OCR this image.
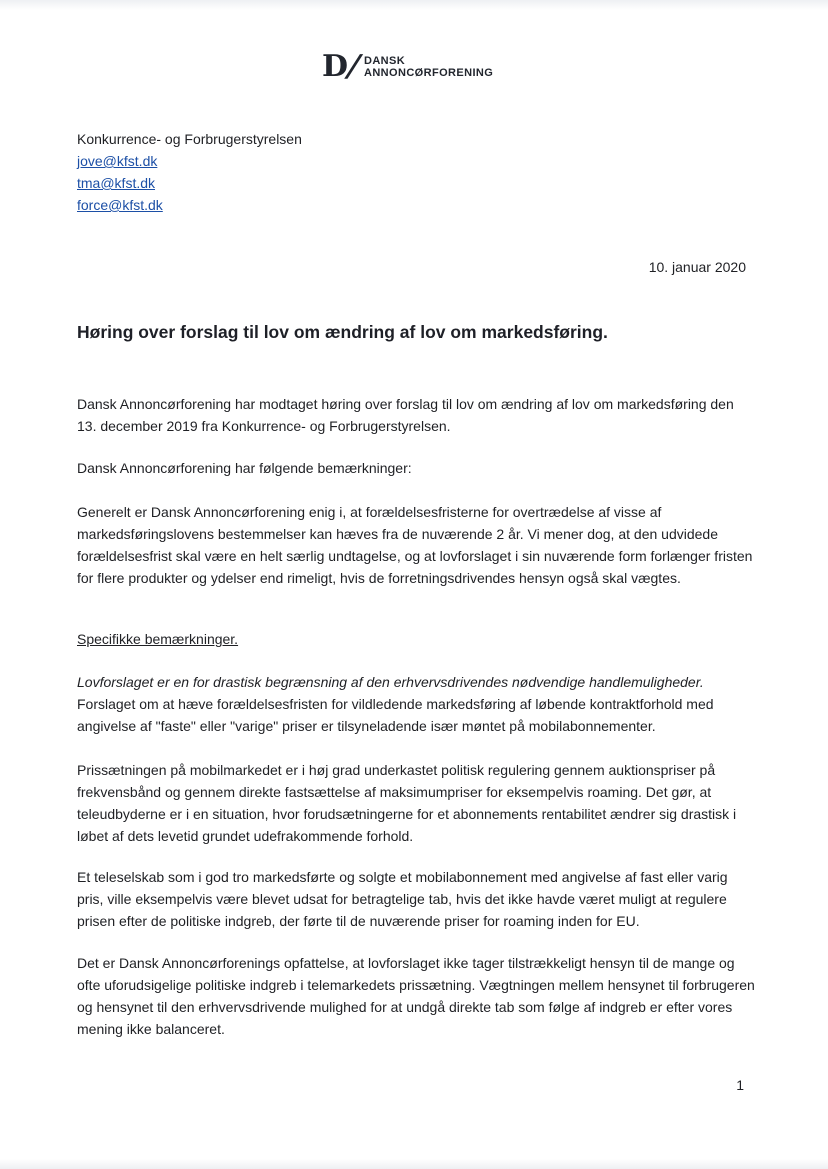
D/ DANSK
ANNONCØRFORENING
Konkurrence- og Forbrugerstyrelsen
jove@kfst.dk
tma@kfst.dk
force@kfst.dk
10. januar 2020
Høring over forslag til lov om ændring af lov om markedsføring.

Dansk Annoncørforening har modtaget høring over forslag til lov om ændring af lov om markedsføring den 13. december 2019 fra Konkurrence- og Forbrugerstyrelsen.

Dansk Annoncørforening har følgende bemærkninger:

Generelt er Dansk Annoncørforening enig i, at forældelsesfristerne for overtrædelse af visse af markedsføringslovens bestemmelser kan hæves fra de nuværende 2 år. Vi mener dog, at den udvidede forældelsesfrist skal være en helt særlig undtagelse, og at lovforslaget i sin nuværende form forlænger fristen for flere produkter og ydelser end rimeligt, hvis de forretningsdrivendes hensyn også skal vægtes.

Specifikke bemærkninger.

Lovforslaget er en for drastisk begrænsning af den erhvervsdrivendes nødvendige handlemuligheder.
Forslaget om at hæve forældelsesfristen for vildledende markedsføring af løbende kontraktforhold med angivelse af "faste" eller "varige" priser er tilsyneladende især møntet på mobilabonnementer.

Prissætningen på mobilmarkedet er i høj grad underkastet politisk regulering gennem auktionspriser på frekvensbånd og gennem direkte fastsættelse af maksimumpriser for eksempelvis roaming. Det gør, at teleudbyderne er i en situation, hvor forudsætningerne for et abonnements rentabilitet ændrer sig drastisk i løbet af dets levetid grundet udefrakommende forhold.

Et teleselskab som i god tro markedsførte og solgte et mobilabonnement med angivelse af fast eller varig pris, ville eksempelvis være blevet udsat for betragtelige tab, hvis det ikke havde været muligt at regulere prisen efter de politiske indgreb, der førte til de nuværende priser for roaming inden for EU.

Det er Dansk Annoncørforenings opfattelse, at lovforslaget ikke tager tilstrækkeligt hensyn til de mange og ofte uforudsigelige politiske indgreb i telemarkedets prissætning. Vægtningen mellem hensynet til forbrugeren og hensynet til den erhvervsdrivende mulighed for at undgå direkte tab som følge af indgreb er efter vores mening ikke balanceret.

1
